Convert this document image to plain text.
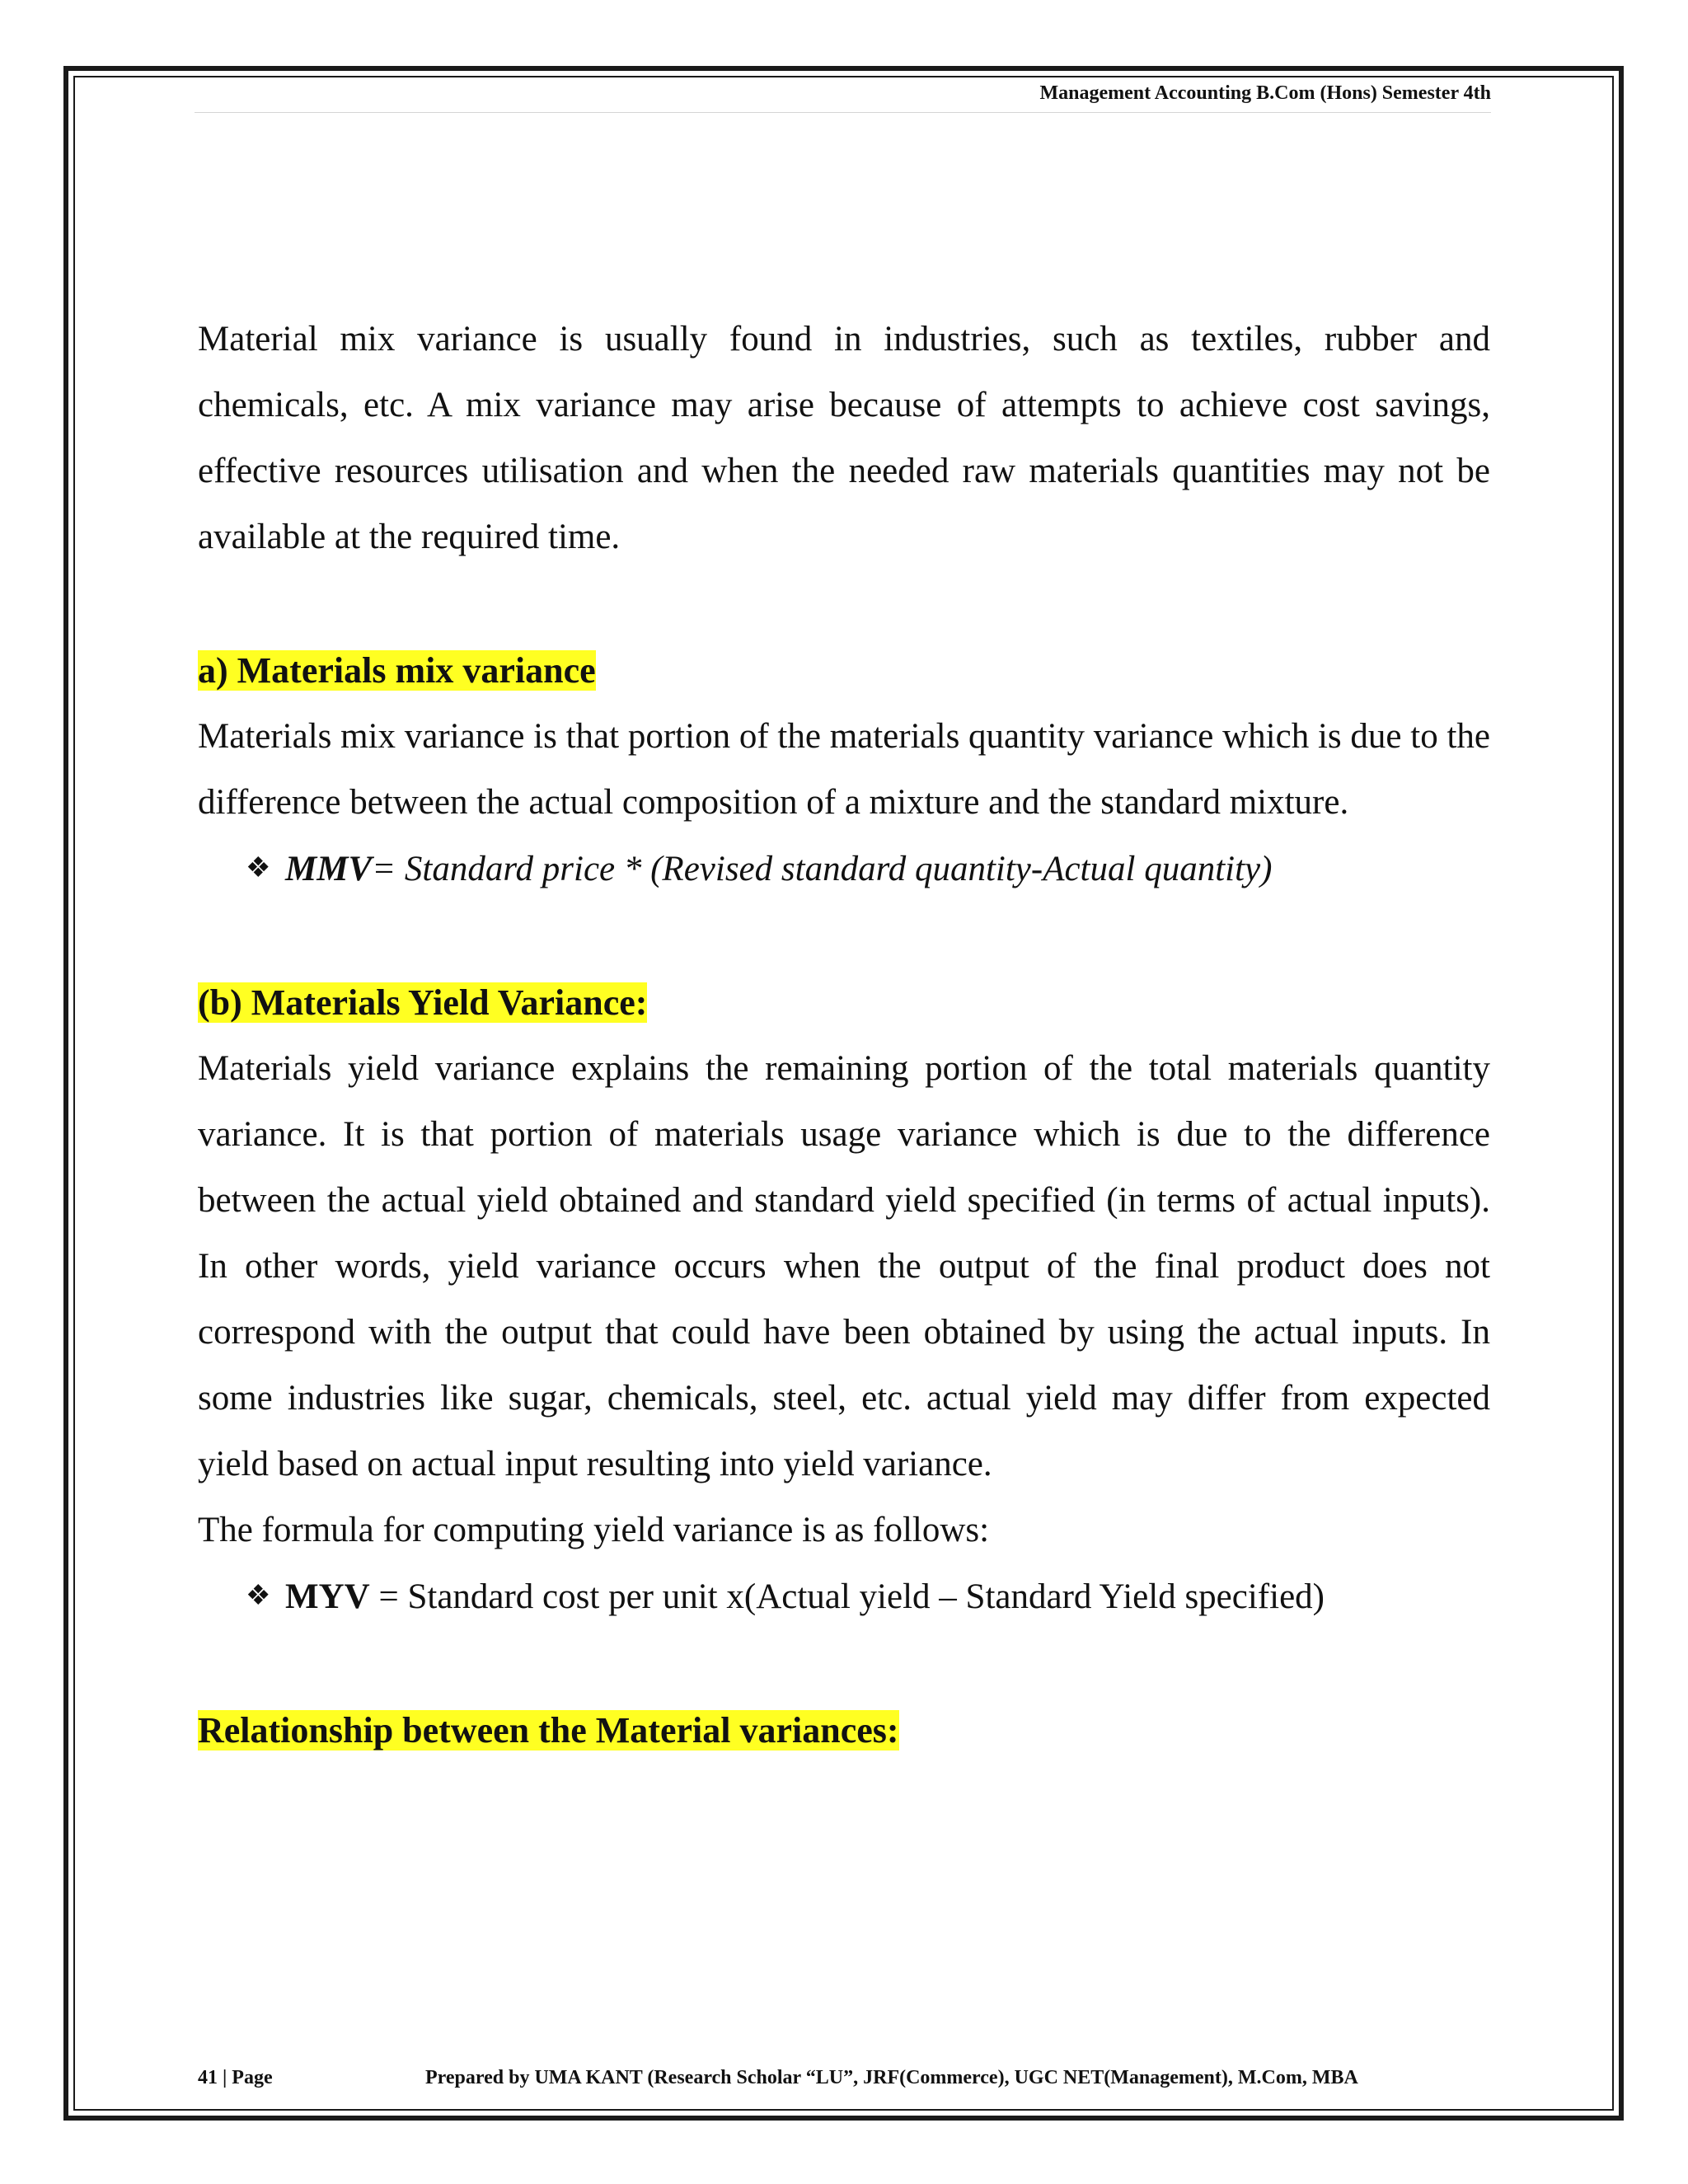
Management Accounting B.Com (Hons) Semester 4th

Material mix variance is usually found in industries, such as textiles, rubber and chemicals, etc. A mix variance may arise because of attempts to achieve cost savings, effective resources utilisation and when the needed raw materials quantities may not be available at the required time.

a) Materials mix variance

Materials mix variance is that portion of the materials quantity variance which is due to the difference between the actual composition of a mixture and the standard mixture.

❖ MMV= Standard price * (Revised standard quantity-Actual quantity)
(b) Materials Yield Variance:

Materials yield variance explains the remaining portion of the total materials quantity variance. It is that portion of materials usage variance which is due to the difference between the actual yield obtained and standard yield specified (in terms of actual inputs). In other words, yield variance occurs when the output of the final product does not correspond with the output that could have been obtained by using the actual inputs. In some industries like sugar, chemicals, steel, etc. actual yield may differ from expected yield based on actual input resulting into yield variance.

The formula for computing yield variance is as follows:

❖ MYV = Standard cost per unit x(Actual yield – Standard Yield specified)
Relationship between the Material variances:
41 | Page	Prepared by UMA KANT (Research Scholar “LU”, JRF(Commerce), UGC NET(Management), M.Com, MBA
